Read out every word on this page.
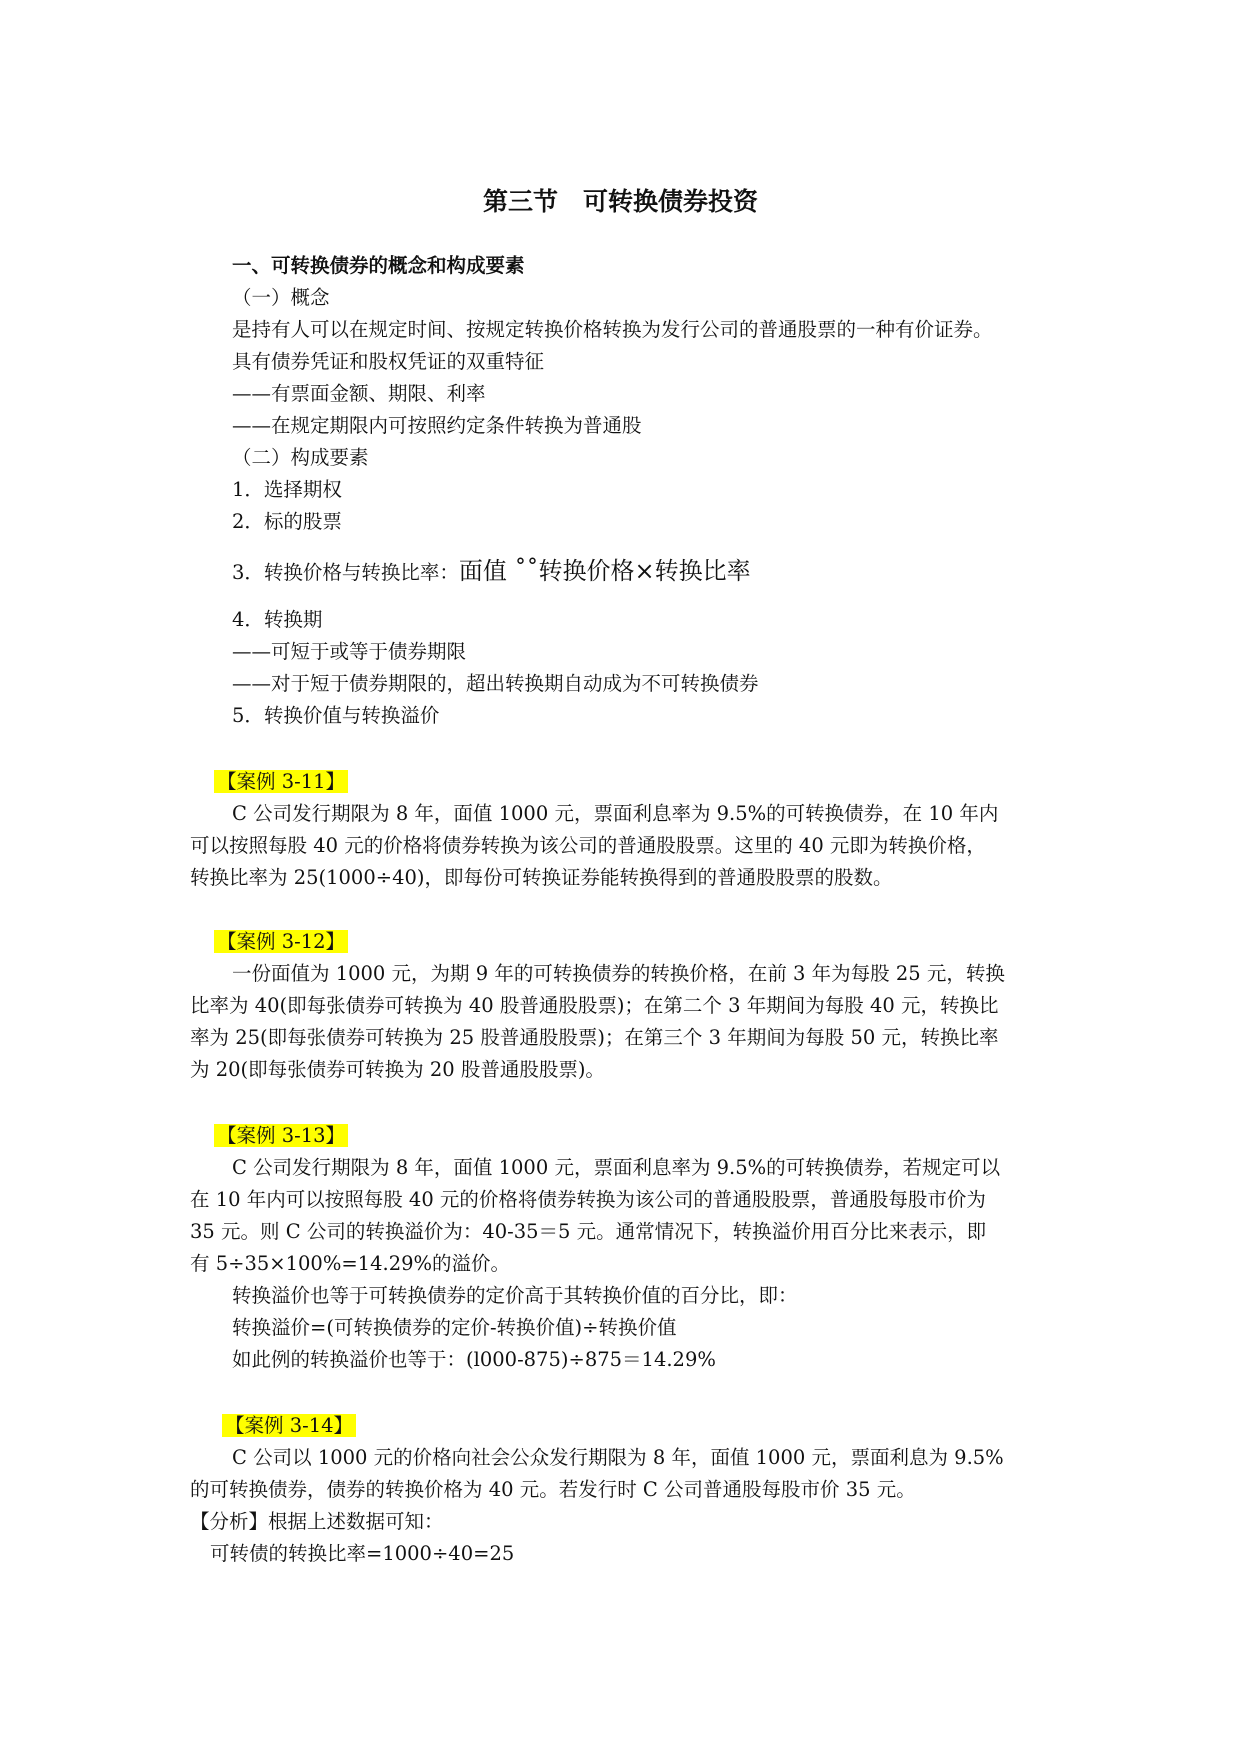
第三节　可转换债券投资
一、可转换债券的概念和构成要素
（一）概念
是持有人可以在规定时间、按规定转换价格转换为发行公司的普通股票的一种有价证券。
具有债券凭证和股权凭证的双重特征
——有票面金额、期限、利率
——在规定期限内可按照约定条件转换为普通股
（二）构成要素
1．选择期权
2．标的股票
3．转换价格与转换比率：面值 ˚˚转换价格×转换比率
4．转换期
——可短于或等于债券期限
——对于短于债券期限的，超出转换期自动成为不可转换债券
5．转换价值与转换溢价
【案例 3-11】
C 公司发行期限为 8 年，面值 1000 元，票面利息率为 9.5%的可转换债券，在 10 年内
可以按照每股 40 元的价格将债券转换为该公司的普通股股票。这里的 40 元即为转换价格，
转换比率为 25(1000÷40)，即每份可转换证券能转换得到的普通股股票的股数。
【案例 3-12】
一份面值为 1000 元，为期 9 年的可转换债券的转换价格，在前 3 年为每股 25 元，转换
比率为 40(即每张债券可转换为 40 股普通股股票)；在第二个 3 年期间为每股 40 元，转换比
率为 25(即每张债券可转换为 25 股普通股股票)；在第三个 3 年期间为每股 50 元，转换比率
为 20(即每张债券可转换为 20 股普通股股票)。
【案例 3-13】
C 公司发行期限为 8 年，面值 1000 元，票面利息率为 9.5%的可转换债券，若规定可以
在 10 年内可以按照每股 40 元的价格将债券转换为该公司的普通股股票，普通股每股市价为
35 元。则 C 公司的转换溢价为：40-35＝5 元。通常情况下，转换溢价用百分比来表示，即
有 5÷35×100%=14.29%的溢价。
转换溢价也等于可转换债券的定价高于其转换价值的百分比，即：
转换溢价=(可转换债券的定价-转换价值)÷转换价值
如此例的转换溢价也等于：(l000-875)÷875＝14.29%
【案例 3-14】
C 公司以 1000 元的价格向社会公众发行期限为 8 年，面值 1000 元，票面利息为 9.5%
的可转换债券，债券的转换价格为 40 元。若发行时 C 公司普通股每股市价 35 元。
【分析】根据上述数据可知：
可转债的转换比率=1000÷40=25
